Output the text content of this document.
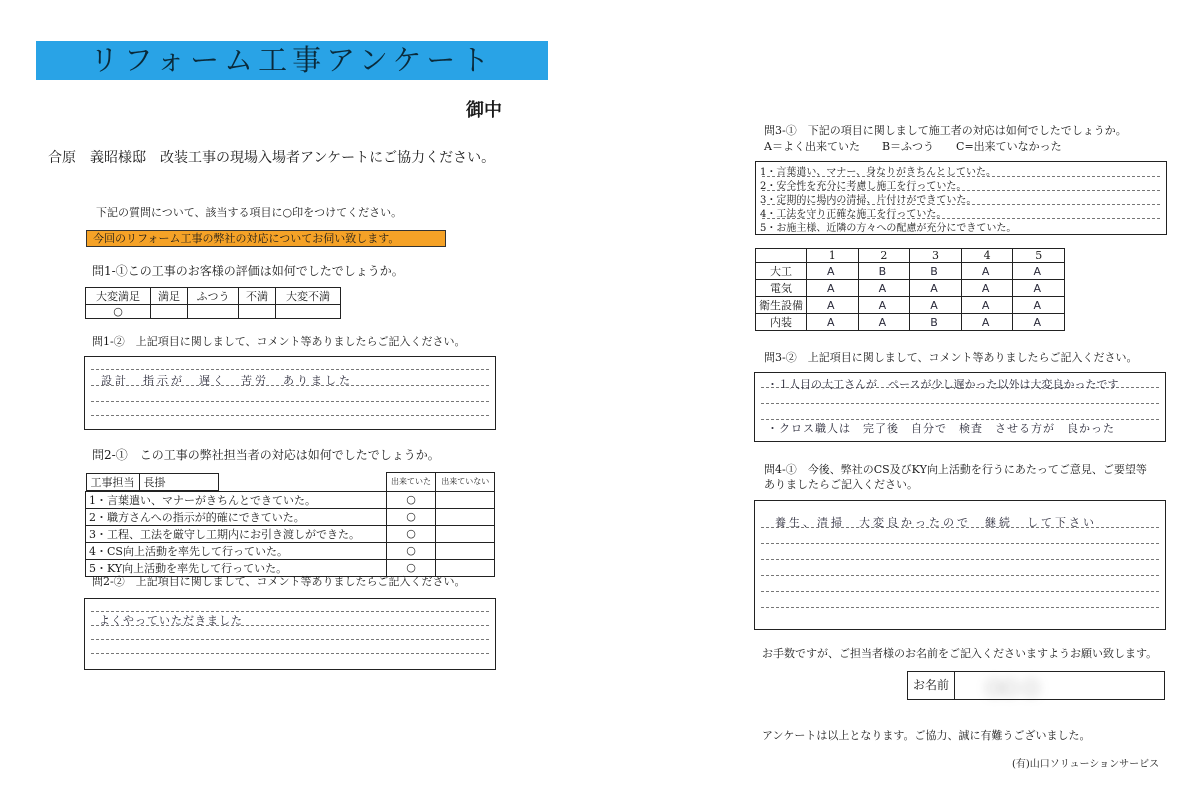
リフォーム工事アンケート
御中
合原　義昭様邸　改装工事の現場入場者アンケートにご協力ください。
下記の質問について、該当する項目に○印をつけてください。
今回のリフォーム工事の弊社の対応についてお伺い致します。
問1-①この工事のお客様の評価は如何でしたでしょうか。
大変満足	満足	ふつう	不満	大変不満
○				
問1-②　上記項目に関しまして、コメント等ありましたらご記入ください。
設計　指示が　遅く　苦労　ありました
問2-①　この工事の弊社担当者の対応は如何でしたでしょうか。
工事担当 長掛	出来ていた	出来ていない
1・言葉遣い、マナーがきちんとできていた。	○	
2・職方さんへの指示が的確にできていた。	○	
3・工程、工法を厳守し工期内にお引き渡しができた。	○	
4・CS向上活動を率先して行っていた。	○	
5・KY向上活動を率先して行っていた。	○	
問2-②　上記項目に関しまして、コメント等ありましたらご記入ください。
よくやっていただきました
問3-①　下記の項目に関しまして施工者の対応は如何でしたでしょうか。
A＝よく出来ていた　　B＝ふつう　　C=出来ていなかった
1・言葉遣い、マナー、身なりがきちんとしていた。
2・安全性を充分に考慮し施工を行っていた。
3・定期的に場内の清掃、片付けができていた。
4・工法を守り正確な施工を行っていた。
5・お施主様、近隣の方々への配慮が充分にできていた。
	1	2	3	4	5
大工	A	B	B	A	A
電気	A	A	A	A	A
衛生設備	A	A	A	A	A
内装	A	A	B	A	A
問3-②　上記項目に関しまして、コメント等ありましたらご記入ください。
・１人目の大工さんが　ペースが少し遅かった以外は大変良かったです
・クロス職人は　完了後　自分で　検査　させる方が　良かった
問4-①　今後、弊社のCS及びKY向上活動を行うにあたってご意見、ご要望等
ありましたらご記入ください。
養生、清掃　大変良かったので　継続　して下さい
お手数ですが、ご担当者様のお名前をご記入くださいますようお願い致します。
お名前	〇〇 〇
アンケートは以上となります。ご協力、誠に有難うございました。
(有)山口ソリューションサービス
